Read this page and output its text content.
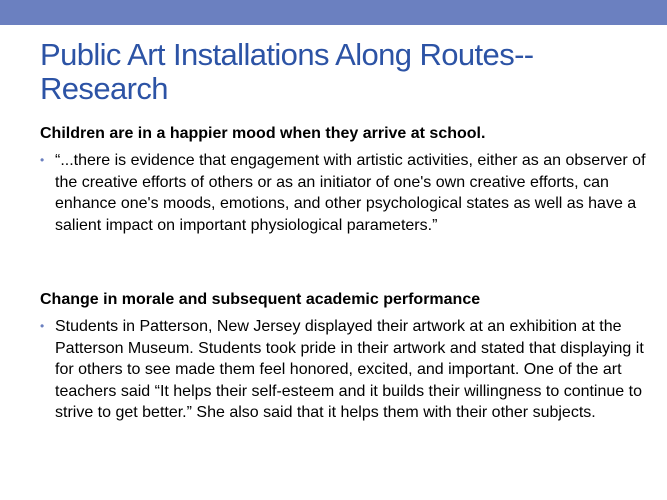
Public Art Installations Along Routes--Research

Children are in a happier mood when they arrive at school.

• “...there is evidence that engagement with artistic activities, either as an observer of the creative efforts of others or as an initiator of one's own creative efforts, can enhance one's moods, emotions, and other psychological states as well as have a salient impact on important physiological parameters.”

Change in morale and subsequent academic performance

• Students in Patterson, New Jersey displayed their artwork at an exhibition at the Patterson Museum. Students took pride in their artwork and stated that displaying it for others to see made them feel honored, excited, and important. One of the art teachers said “It helps their self-esteem and it builds their willingness to continue to strive to get better.” She also said that it helps them with their other subjects.
